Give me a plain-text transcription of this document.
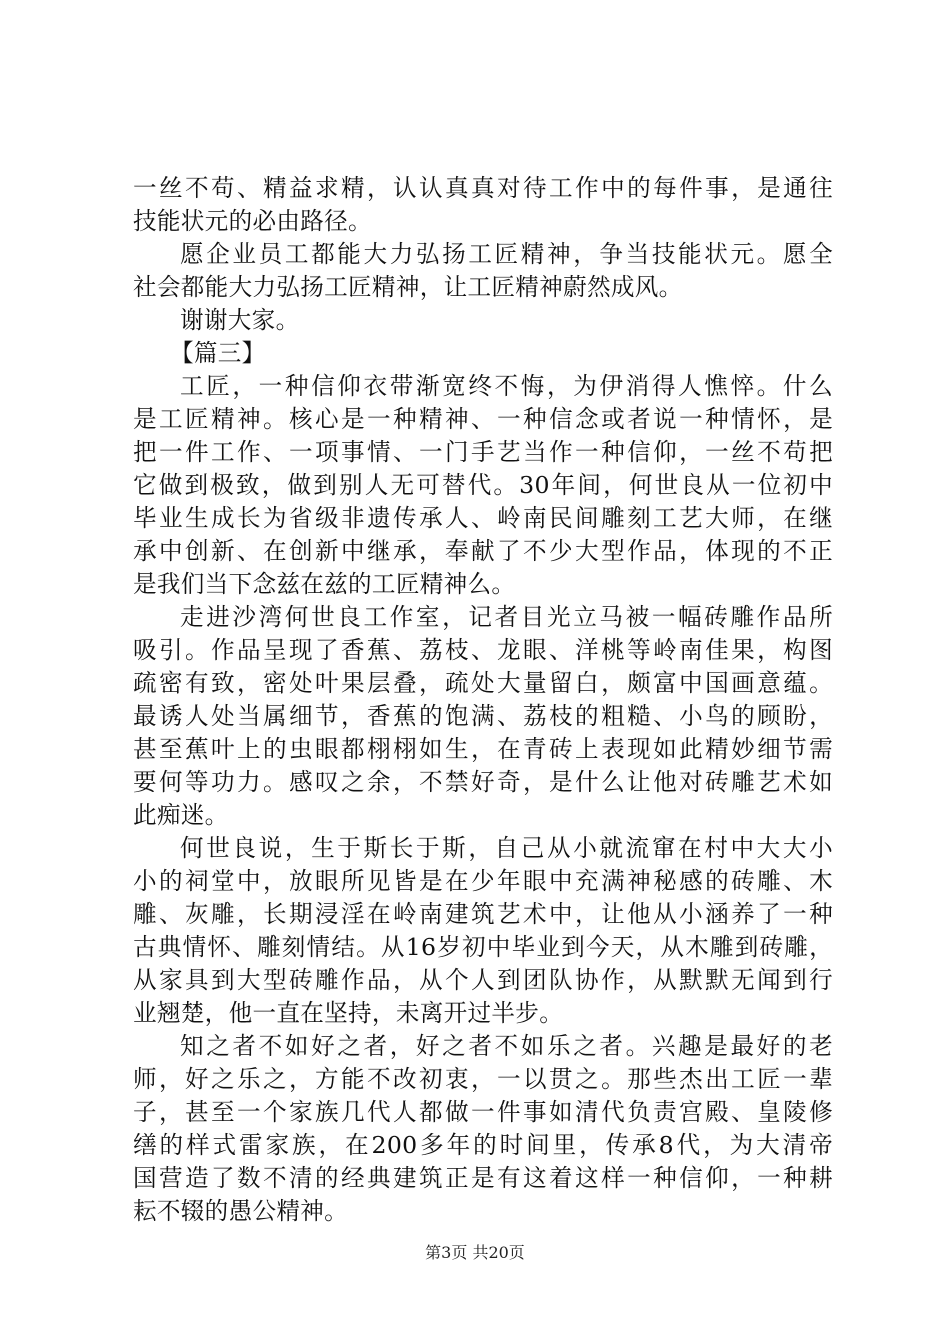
一丝不苟、精益求精，认认真真对待工作中的每件事，是通往
技能状元的必由路径。
愿企业员工都能大力弘扬工匠精神，争当技能状元。愿全
社会都能大力弘扬工匠精神，让工匠精神蔚然成风。
谢谢大家。
【篇三】
工匠，一种信仰衣带渐宽终不悔，为伊消得人憔悴。什么
是工匠精神。核心是一种精神、一种信念或者说一种情怀，是
把一件工作、一项事情、一门手艺当作一种信仰，一丝不苟把
它做到极致，做到别人无可替代。30年间，何世良从一位初中
毕业生成长为省级非遗传承人、岭南民间雕刻工艺大师，在继
承中创新、在创新中继承，奉献了不少大型作品，体现的不正
是我们当下念兹在兹的工匠精神么。
走进沙湾何世良工作室，记者目光立马被一幅砖雕作品所
吸引。作品呈现了香蕉、荔枝、龙眼、洋桃等岭南佳果，构图
疏密有致，密处叶果层叠，疏处大量留白，颇富中国画意蕴。
最诱人处当属细节，香蕉的饱满、荔枝的粗糙、小鸟的顾盼，
甚至蕉叶上的虫眼都栩栩如生，在青砖上表现如此精妙细节需
要何等功力。感叹之余，不禁好奇，是什么让他对砖雕艺术如
此痴迷。
何世良说，生于斯长于斯，自己从小就流窜在村中大大小
小的祠堂中，放眼所见皆是在少年眼中充满神秘感的砖雕、木
雕、灰雕，长期浸淫在岭南建筑艺术中，让他从小涵养了一种
古典情怀、雕刻情结。从16岁初中毕业到今天，从木雕到砖雕，
从家具到大型砖雕作品，从个人到团队协作，从默默无闻到行
业翘楚，他一直在坚持，未离开过半步。
知之者不如好之者，好之者不如乐之者。兴趣是最好的老
师，好之乐之，方能不改初衷，一以贯之。那些杰出工匠一辈
子，甚至一个家族几代人都做一件事如清代负责宫殿、皇陵修
缮的样式雷家族，在200多年的时间里，传承8代，为大清帝
国营造了数不清的经典建筑正是有这着这样一种信仰，一种耕
耘不辍的愚公精神。
第3页 共20页
